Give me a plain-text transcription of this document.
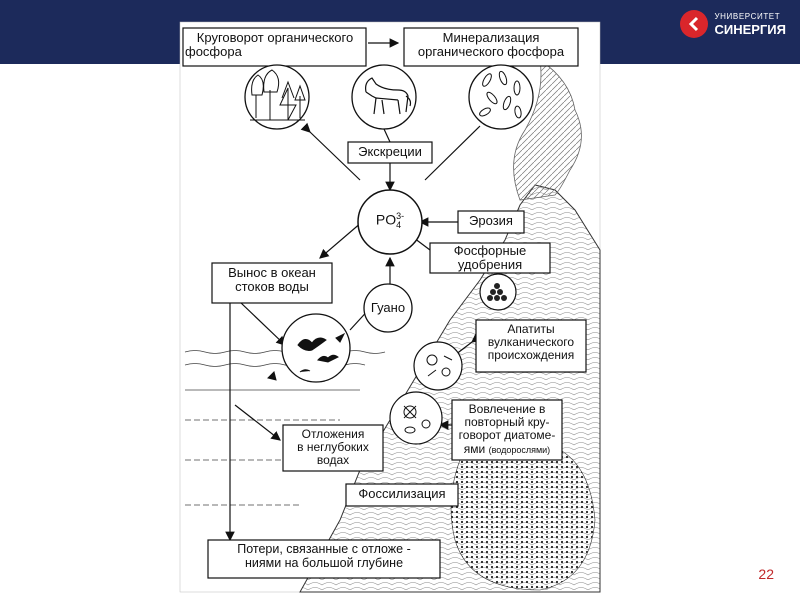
УНИВЕРСИТЕТ
СИНЕРГИЯ
Круговорот органического
фосфора
Минерализация
органического фосфора
Экскреции
PO 3-
4	Эрозия
Фосфорные
удобрения
Вынос в океан
стоков воды
Гуано
Апатиты
вулканического
происхождения
Вовлечение в
повторный кру-
говорот диатоме-
ями (водорослями)
Отложения
в неглубоких
водах
Фоссилизация
Потери, связанные с отложе -
ниями на большой глубине
22
